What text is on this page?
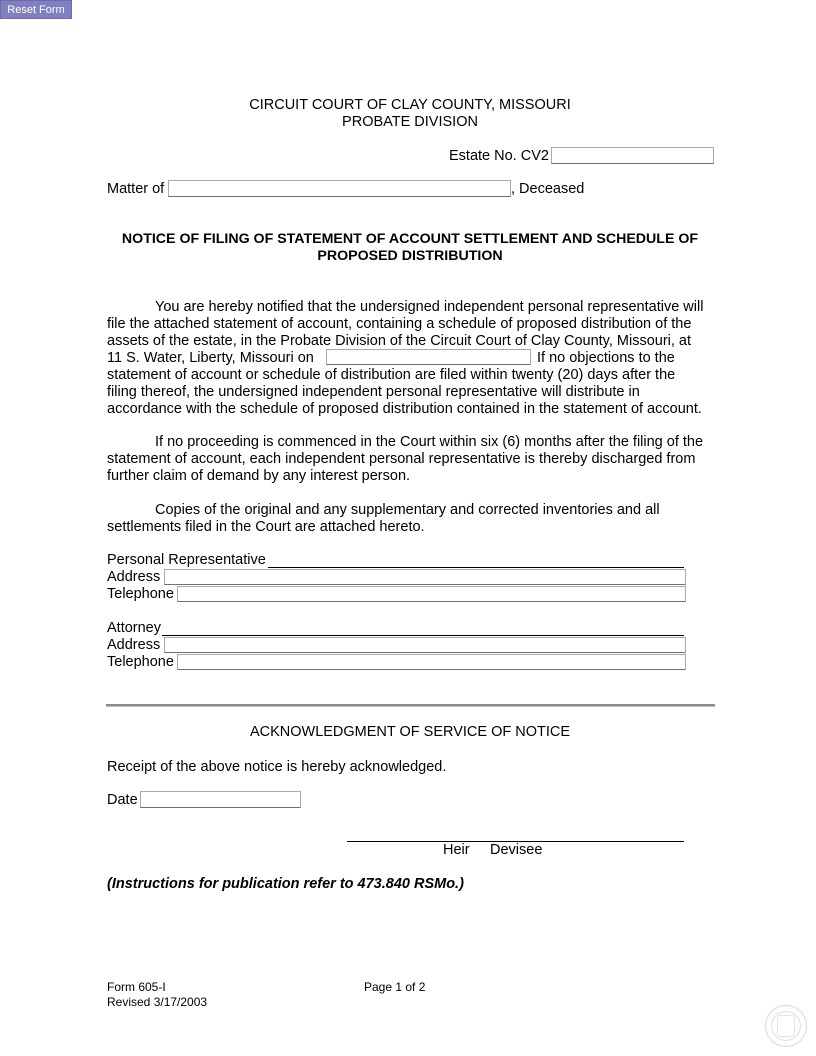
Reset Form
CIRCUIT COURT OF CLAY COUNTY, MISSOURI
PROBATE DIVISION
Estate No. CV2
Matter of	, Deceased
NOTICE OF FILING OF STATEMENT OF ACCOUNT SETTLEMENT AND SCHEDULE OF PROPOSED DISTRIBUTION
You are hereby notified that the undersigned independent personal representative will
file the attached statement of account, containing a schedule of proposed distribution of the
assets of the estate, in the Probate Division of the Circuit Court of Clay County, Missouri, at
11 S. Water, Liberty, Missouri on	If no objections to the
statement of account or schedule of distribution are filed within twenty (20) days after the
filing thereof, the undersigned independent personal representative will distribute in
accordance with the schedule of proposed distribution contained in the statement of account.
If no proceeding is commenced in the Court within six (6) months after the filing of the
statement of account, each independent personal representative is thereby discharged from
further claim of demand by any interest person.
Copies of the original and any supplementary and corrected inventories and all
settlements filed in the Court are attached hereto.
Personal Representative
Address
Telephone
Attorney
Address
Telephone
ACKNOWLEDGMENT OF SERVICE OF NOTICE
Receipt of the above notice is hereby acknowledged.
Date
Heir Devisee
(Instructions for publication refer to 473.840 RSMo.)
Form 605-I
Revised 3/17/2003
Page 1 of 2
